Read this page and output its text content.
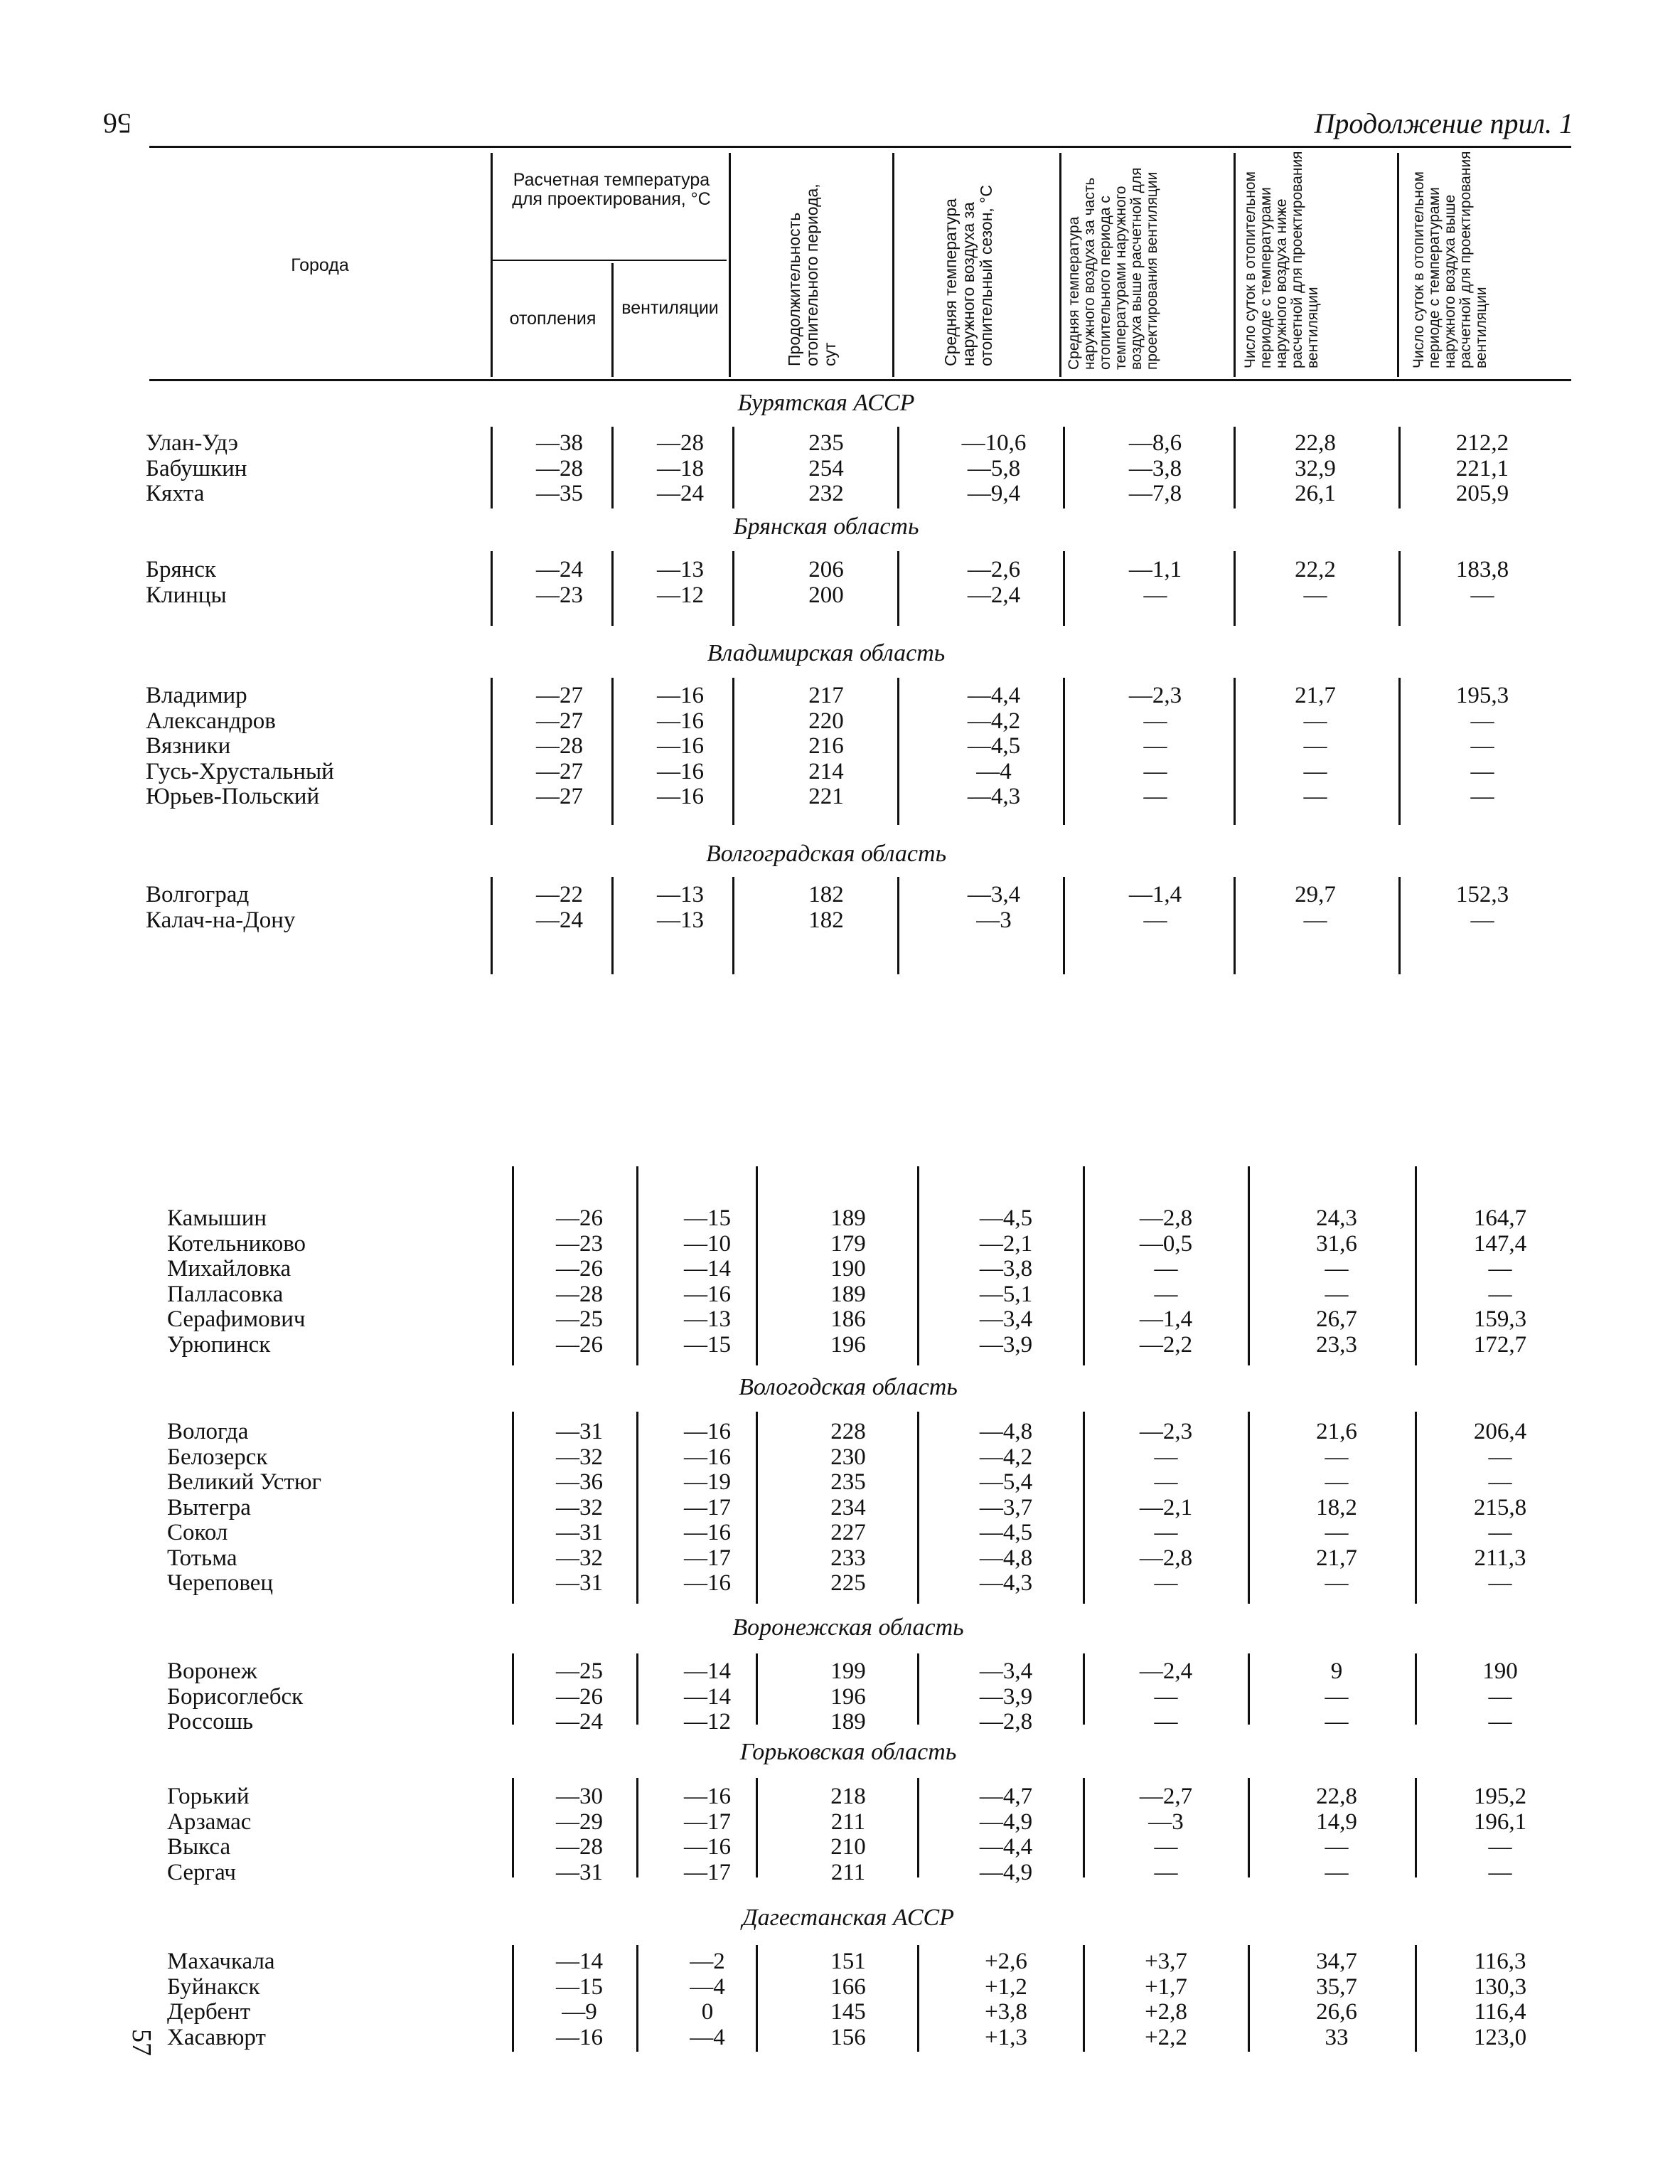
56
57
Продолжение прил. 1
Города
Расчетная температура для проектирования, °С
отопления
вентиляции	Продолжительность отопительного периода, сут	Средняя температура наружного воздуха за отопительный сезон, °С	Средняя температура наружного воздуха за часть отопительного периода с температурами наружного воздуха выше расчетной для проектирования вентиляции	Число суток в отопительном периоде с температурами наружного воздуха ниже расчетной для проектирования вентиляции	Число суток в отопительном периоде с температурами наружного воздуха выше расчетной для проектирования вентиляции
Бурятская АССР
Улан-Удэ	—38	—28	235	—10,6	—8,6	22,8	212,2
Бабушкин	—28	—18	254	—5,8	—3,8	32,9	221,1
Кяхта	—35	—24	232	—9,4	—7,8	26,1	205,9
Брянская область
Брянск	—24	—13	206	—2,6	—1,1	22,2	183,8
Клинцы	—23	—12	200	—2,4	—	—	—
Владимирская область
Владимир	—27	—16	217	—4,4	—2,3	21,7	195,3
Александров	—27	—16	220	—4,2	—	—	—
Вязники	—28	—16	216	—4,5	—	—	—
Гусь-Хрустальный	—27	—16	214	—4	—	—	—
Юрьев-Польский	—27	—16	221	—4,3	—	—	—
Волгоградская область
Волгоград	—22	—13	182	—3,4	—1,4	29,7	152,3
Калач-на-Дону	—24	—13	182	—3	—	—	—
Камышин	—26	—15	189	—4,5	—2,8	24,3	164,7
Котельниково	—23	—10	179	—2,1	—0,5	31,6	147,4
Михайловка	—26	—14	190	—3,8	—	—	—
Палласовка	—28	—16	189	—5,1	—	—	—
Серафимович	—25	—13	186	—3,4	—1,4	26,7	159,3
Урюпинск	—26	—15	196	—3,9	—2,2	23,3	172,7
Вологодская область
Вологда	—31	—16	228	—4,8	—2,3	21,6	206,4
Белозерск	—32	—16	230	—4,2	—	—	—
Великий Устюг	—36	—19	235	—5,4	—	—	—
Вытегра	—32	—17	234	—3,7	—2,1	18,2	215,8
Сокол	—31	—16	227	—4,5	—	—	—
Тотьма	—32	—17	233	—4,8	—2,8	21,7	211,3
Череповец	—31	—16	225	—4,3	—	—	—
Воронежская область
Воронеж	—25	—14	199	—3,4	—2,4	9	190
Борисоглебск	—26	—14	196	—3,9	—	—	—
Россошь	—24	—12	189	—2,8	—	—	—
Горьковская область
Горький	—30	—16	218	—4,7	—2,7	22,8	195,2
Арзамас	—29	—17	211	—4,9	—3	14,9	196,1
Выкса	—28	—16	210	—4,4	—	—	—
Сергач	—31	—17	211	—4,9	—	—	—
Дагестанская АССР
Махачкала	—14	—2	151	+2,6	+3,7	34,7	116,3
Буйнакск	—15	—4	166	+1,2	+1,7	35,7	130,3
Дербент	—9	0	145	+3,8	+2,8	26,6	116,4
Хасавюрт	—16	—4	156	+1,3	+2,2	33	123,0
